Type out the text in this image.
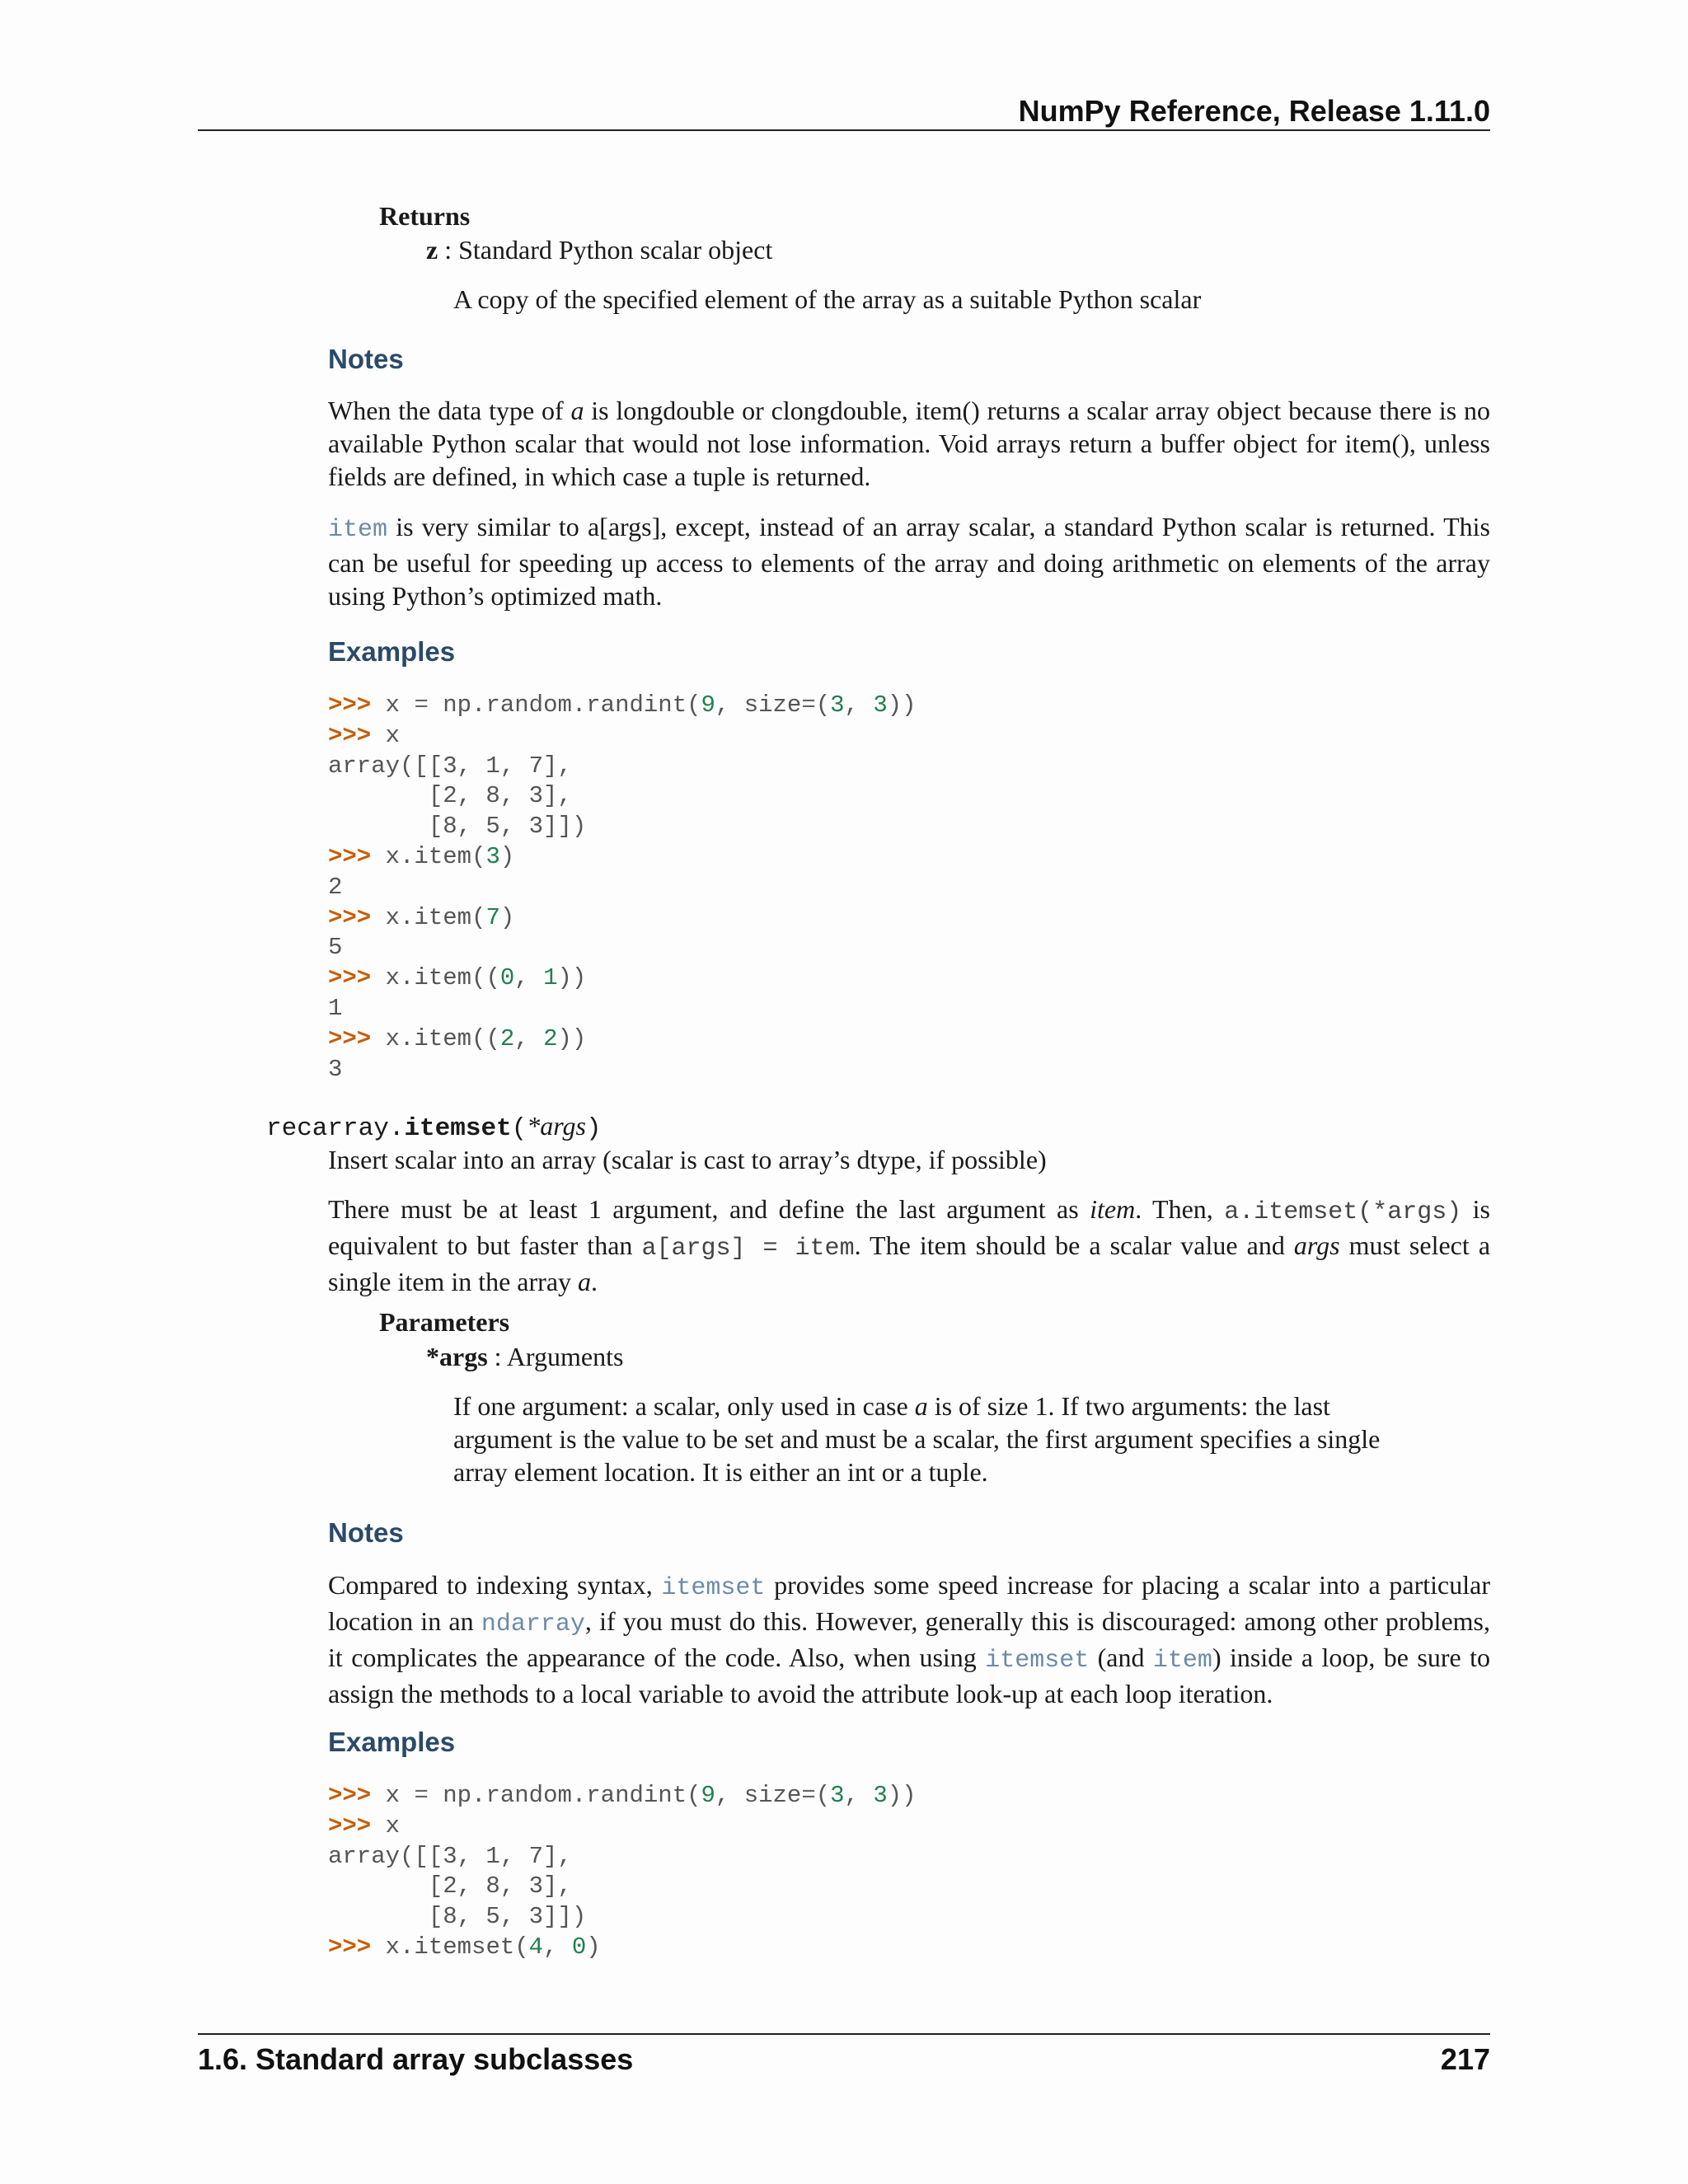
NumPy Reference, Release 1.11.0
Returns
z : Standard Python scalar object
A copy of the specified element of the array as a suitable Python scalar
Notes

When the data type of a is longdouble or clongdouble, item() returns a scalar array object because there is no available Python scalar that would not lose information. Void arrays return a buffer object for item(), unless fields are defined, in which case a tuple is returned.

item is very similar to a[args], except, instead of an array scalar, a standard Python scalar is returned. This can be useful for speeding up access to elements of the array and doing arithmetic on elements of the array using Python’s optimized math.

Examples
>>> x = np.random.randint(9, size=(3, 3))
>>> x
array([[3, 1, 7],
[2, 8, 3],
[8, 5, 3]])
>>> x.item(3)
2
>>> x.item(7)
5
>>> x.item((0, 1))
1
>>> x.item((2, 2))
3
recarray.itemset(*args)
Insert scalar into an array (scalar is cast to array’s dtype, if possible)

There must be at least 1 argument, and define the last argument as item. Then, a.itemset(*args) is equivalent to but faster than a[args] = item. The item should be a scalar value and args must select a single item in the array a.

Parameters
*args : Arguments

If one argument: a scalar, only used in case a is of size 1. If two arguments: the last argument is the value to be set and must be a scalar, the first argument specifies a single array element location. It is either an int or a tuple.

Notes

Compared to indexing syntax, itemset provides some speed increase for placing a scalar into a particular location in an ndarray, if you must do this. However, generally this is discouraged: among other problems, it complicates the appearance of the code. Also, when using itemset (and item) inside a loop, be sure to assign the methods to a local variable to avoid the attribute look-up at each loop iteration.

Examples
>>> x = np.random.randint(9, size=(3, 3))
>>> x
array([[3, 1, 7],
[2, 8, 3],
[8, 5, 3]])
>>> x.itemset(4, 0)
1.6. Standard array subclasses	217
